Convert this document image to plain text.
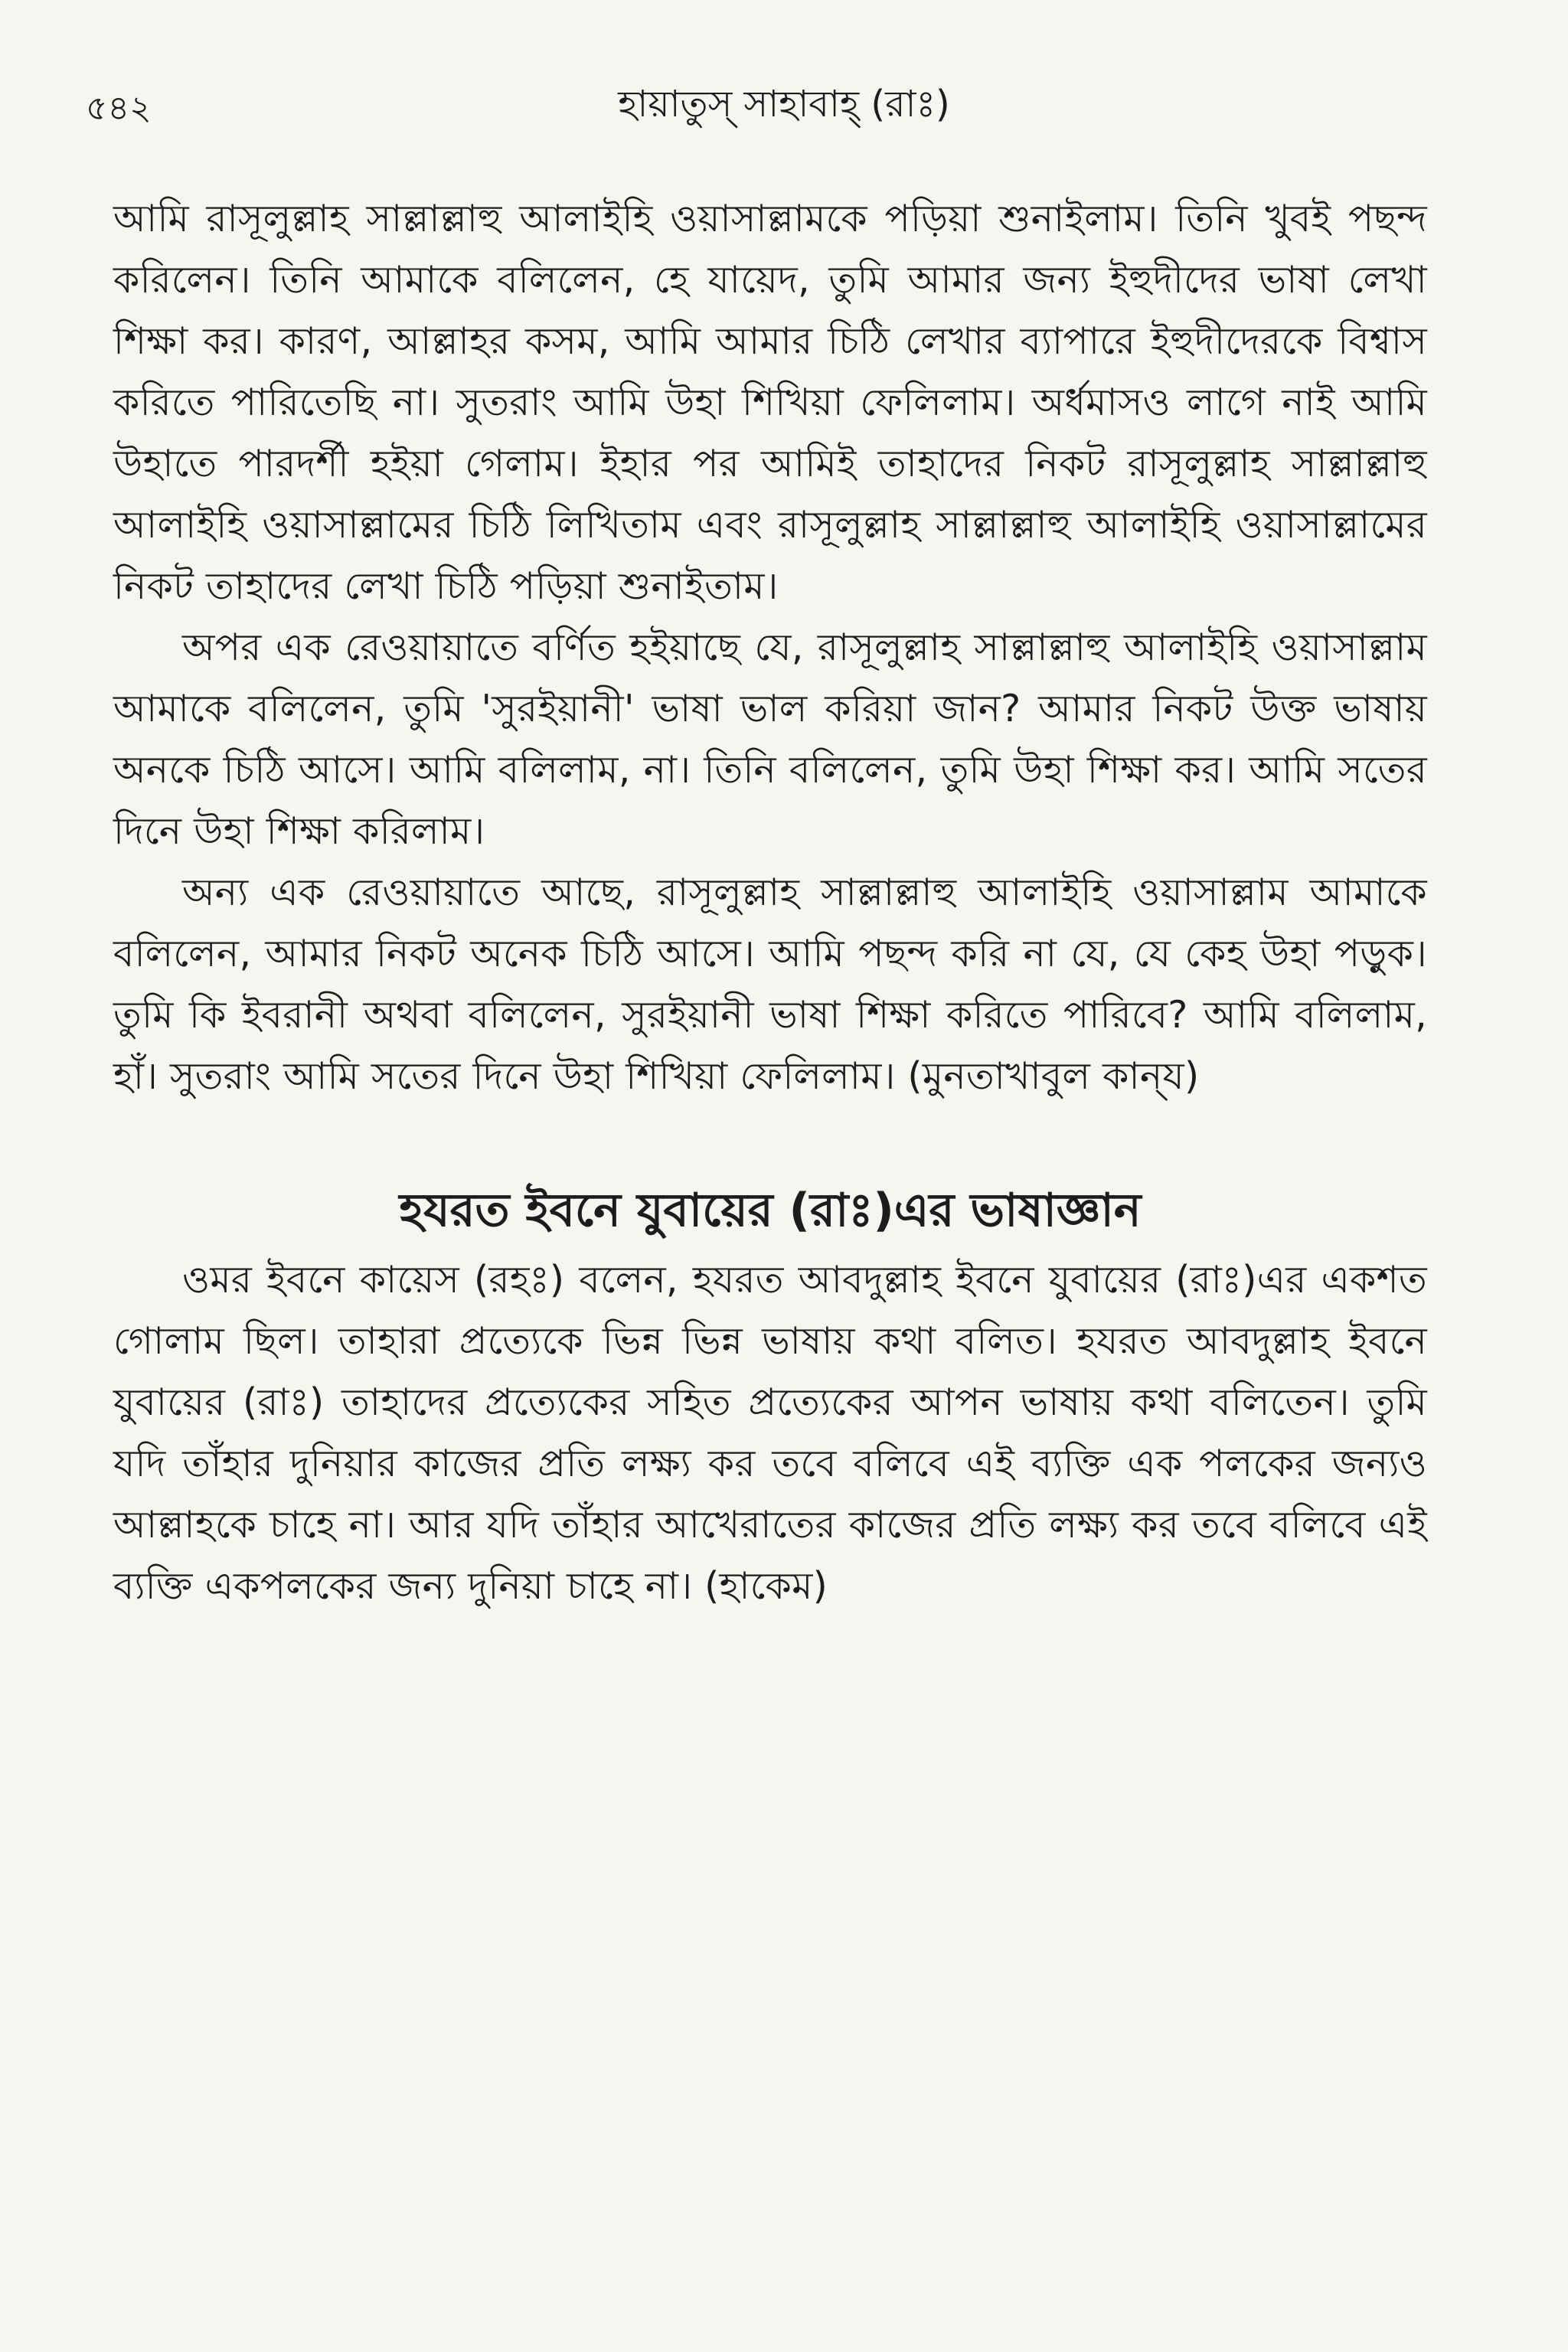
৫৪২	হায়াতুস্ সাহাবাহ্ (রাঃ)

আমি রাসূলুল্লাহ সাল্লাল্লাহু আলাইহি ওয়াসাল্লামকে পড়িয়া শুনাইলাম। তিনি খুবই পছন্দ করিলেন। তিনি আমাকে বলিলেন, হে যায়েদ, তুমি আমার জন্য ইহুদীদের ভাষা লেখা শিক্ষা কর। কারণ, আল্লাহর কসম, আমি আমার চিঠি লেখার ব্যাপারে ইহুদীদেরকে বিশ্বাস করিতে পারিতেছি না। সুতরাং আমি উহা শিখিয়া ফেলিলাম। অর্ধমাসও লাগে নাই আমি উহাতে পারদর্শী হইয়া গেলাম। ইহার পর আমিই তাহাদের নিকট রাসূলুল্লাহ সাল্লাল্লাহু আলাইহি ওয়াসাল্লামের চিঠি লিখিতাম এবং রাসূলুল্লাহ সাল্লাল্লাহু আলাইহি ওয়াসাল্লামের নিকট তাহাদের লেখা চিঠি পড়িয়া শুনাইতাম।

অপর এক রেওয়ায়াতে বর্ণিত হইয়াছে যে, রাসূলুল্লাহ সাল্লাল্লাহু আলাইহি ওয়াসাল্লাম আমাকে বলিলেন, তুমি 'সুরইয়ানী' ভাষা ভাল করিয়া জান? আমার নিকট উক্ত ভাষায় অনকে চিঠি আসে। আমি বলিলাম, না। তিনি বলিলেন, তুমি উহা শিক্ষা কর। আমি সতের দিনে উহা শিক্ষা করিলাম।

অন্য এক রেওয়ায়াতে আছে, রাসূলুল্লাহ সাল্লাল্লাহু আলাইহি ওয়াসাল্লাম আমাকে বলিলেন, আমার নিকট অনেক চিঠি আসে। আমি পছন্দ করি না যে, যে কেহ উহা পড়ুক। তুমি কি ইবরানী অথবা বলিলেন, সুরইয়ানী ভাষা শিক্ষা করিতে পারিবে? আমি বলিলাম, হাঁ। সুতরাং আমি সতের দিনে উহা শিখিয়া ফেলিলাম। (মুনতাখাবুল কান্‌য)

হযরত ইবনে যুবায়ের (রাঃ)এর ভাষাজ্ঞান

ওমর ইবনে কায়েস (রহঃ) বলেন, হযরত আবদুল্লাহ ইবনে যুবায়ের (রাঃ)এর একশত গোলাম ছিল। তাহারা প্রত্যেকে ভিন্ন ভিন্ন ভাষায় কথা বলিত। হযরত আবদুল্লাহ ইবনে যুবায়ের (রাঃ) তাহাদের প্রত্যেকের সহিত প্রত্যেকের আপন ভাষায় কথা বলিতেন। তুমি যদি তাঁহার দুনিয়ার কাজের প্রতি লক্ষ্য কর তবে বলিবে এই ব্যক্তি এক পলকের জন্যও আল্লাহকে চাহে না। আর যদি তাঁহার আখেরাতের কাজের প্রতি লক্ষ্য কর তবে বলিবে এই ব্যক্তি একপলকের জন্য দুনিয়া চাহে না। (হাকেম)
